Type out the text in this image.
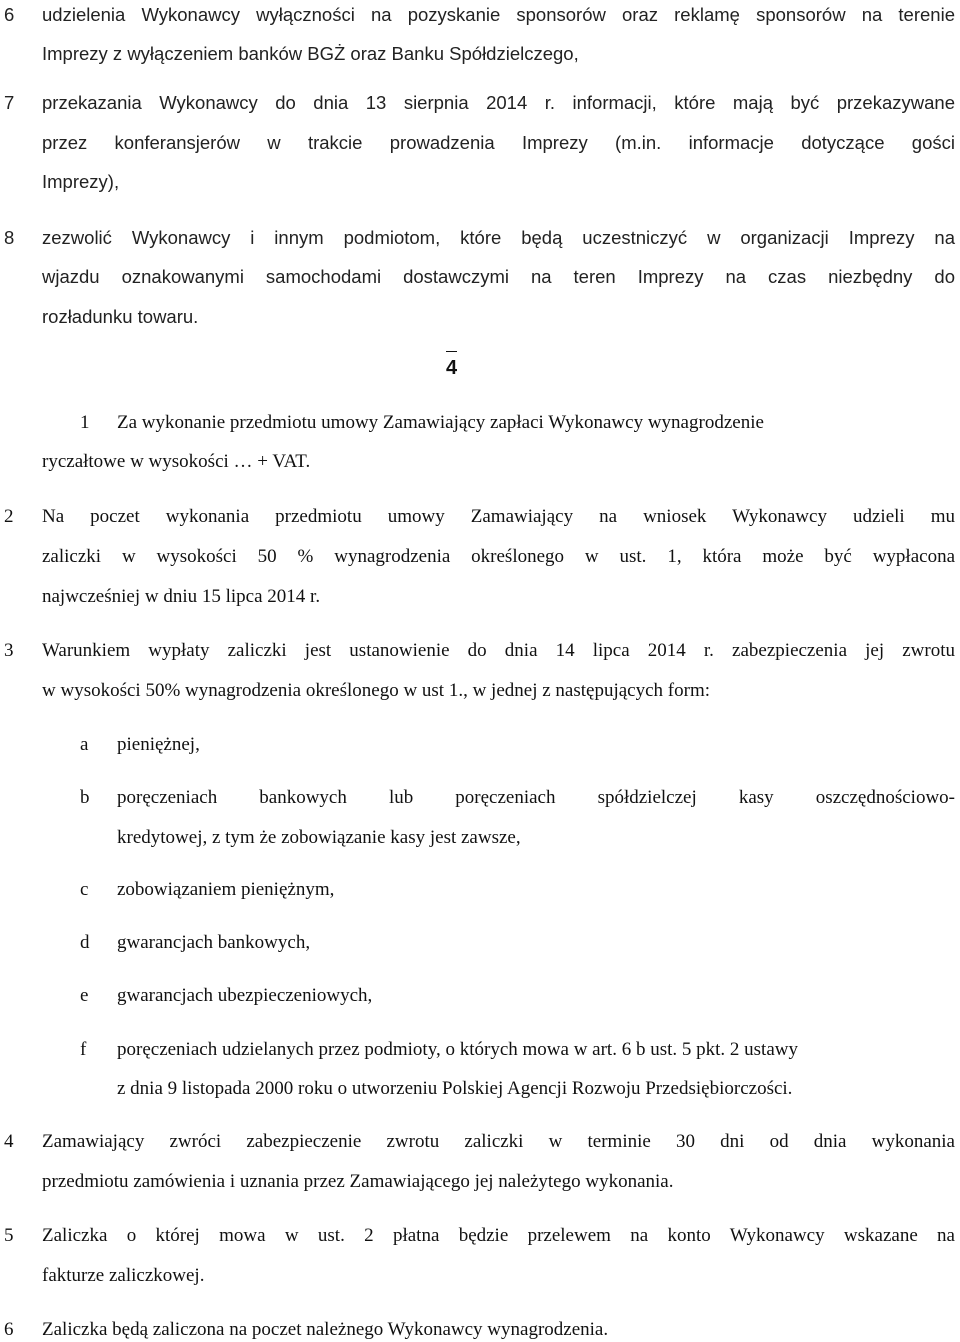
6 udzielenia Wykonawcy wyłączności na pozyskanie sponsorów oraz reklamę sponsorów na terenie
Imprezy z wyłączeniem banków BGŻ oraz Banku Spółdzielczego,
7 przekazania Wykonawcy do dnia 13 sierpnia 2014 r. informacji, które mają być przekazywane
przez konferansjerów w trakcie prowadzenia Imprezy (m.in. informacje dotyczące gości
Imprezy),
8 zezwolić Wykonawcy i innym podmiotom, które będą uczestniczyć w organizacji Imprezy na
wjazdu oznakowanymi samochodami dostawczymi na teren Imprezy na czas niezbędny do
rozładunku towaru.
4
1 Za wykonanie przedmiotu umowy Zamawiający zapłaci Wykonawcy wynagrodzenie
ryczałtowe w wysokości … + VAT.
2 Na poczet wykonania przedmiotu umowy Zamawiający na wniosek Wykonawcy udzieli mu
zaliczki w wysokości 50 % wynagrodzenia określonego w ust. 1, która może być wypłacona
najwcześniej w dniu 15 lipca 2014 r.
3 Warunkiem wypłaty zaliczki jest ustanowienie do dnia 14 lipca 2014 r. zabezpieczenia jej zwrotu
w wysokości 50% wynagrodzenia określonego w ust 1., w jednej z następujących form:
a pieniężnej,
b poręczeniach bankowych lub poręczeniach spółdzielczej kasy oszczędnościowo-
kredytowej, z tym że zobowiązanie kasy jest zawsze,
c zobowiązaniem pieniężnym,
d gwarancjach bankowych,
e gwarancjach ubezpieczeniowych,
f poręczeniach udzielanych przez podmioty, o których mowa w art. 6 b ust. 5 pkt. 2 ustawy
z dnia 9 listopada 2000 roku o utworzeniu Polskiej Agencji Rozwoju Przedsiębiorczości.
4 Zamawiający zwróci zabezpieczenie zwrotu zaliczki w terminie 30 dni od dnia wykonania
przedmiotu zamówienia i uznania przez Zamawiającego jej należytego wykonania.
5 Zaliczka o której mowa w ust. 2 płatna będzie przelewem na konto Wykonawcy wskazane na
fakturze zaliczkowej.
6 Zaliczka będą zaliczona na poczet należnego Wykonawcy wynagrodzenia.
